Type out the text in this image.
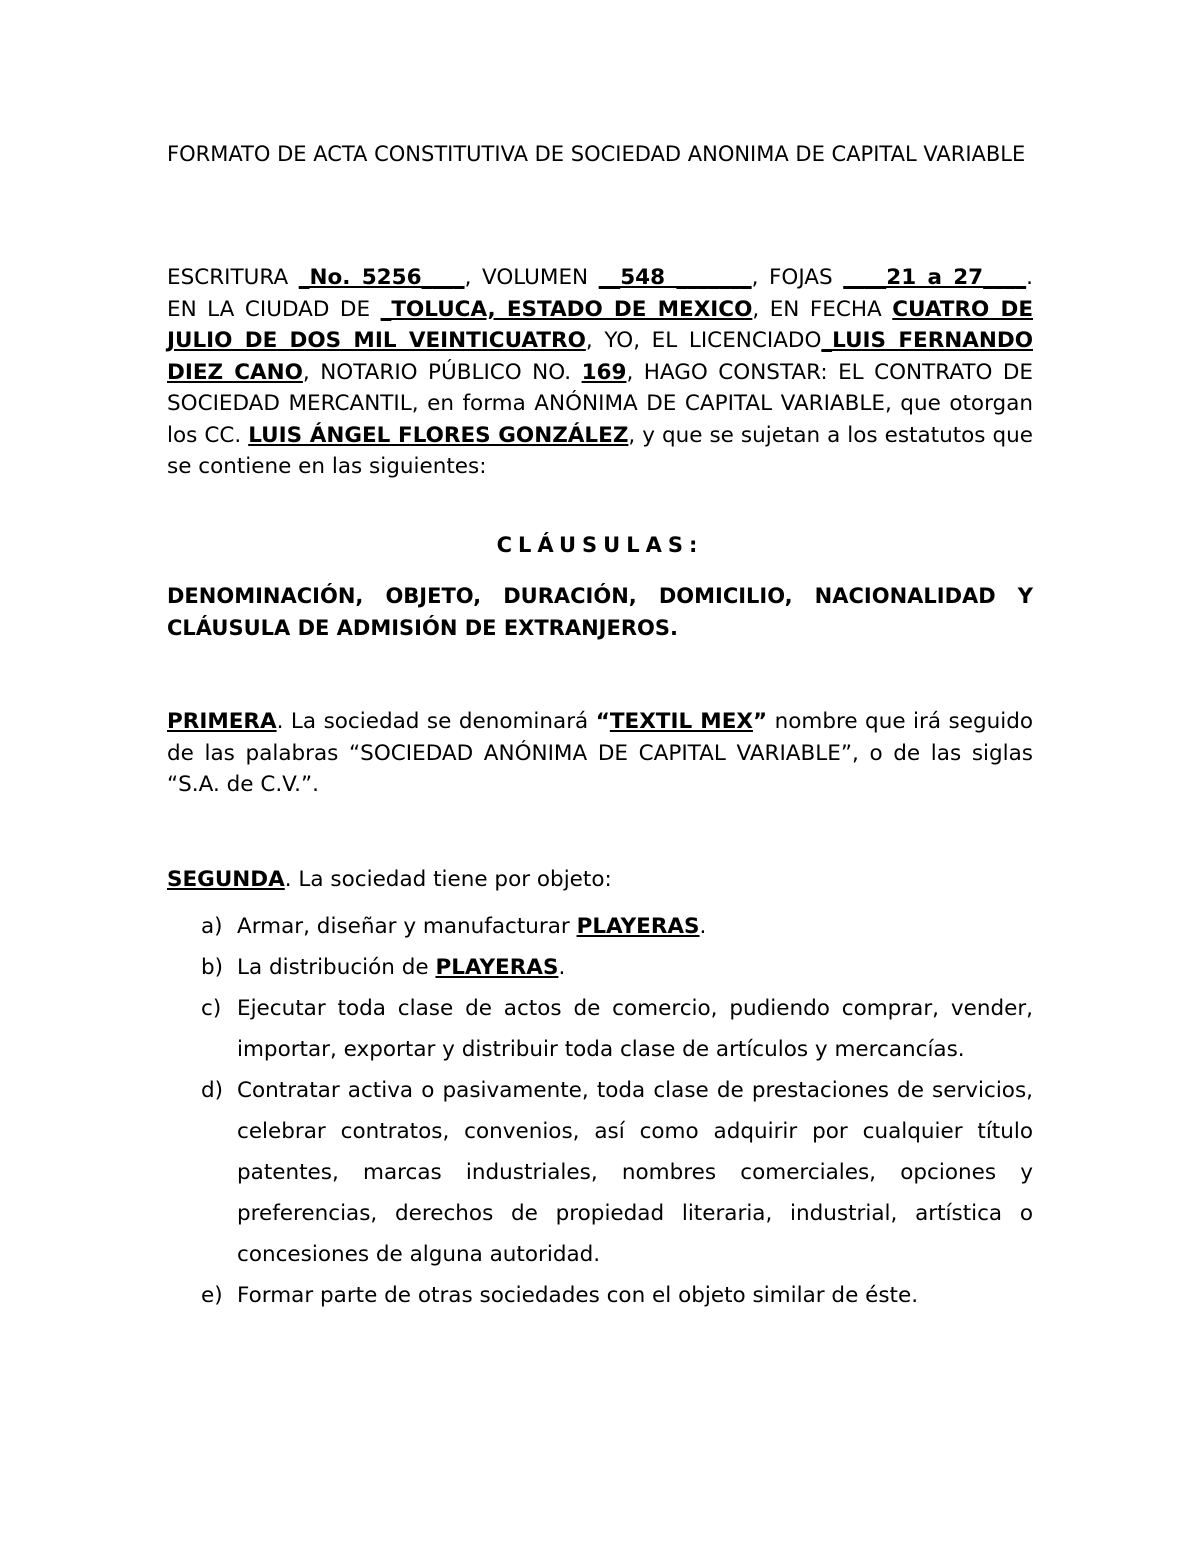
FORMATO DE ACTA CONSTITUTIVA DE SOCIEDAD ANONIMA DE CAPITAL VARIABLE

ESCRITURA _No. 5256____, VOLUMEN __548 _______, FOJAS ____21 a 27____. EN LA CIUDAD DE _TOLUCA, ESTADO DE MEXICO, EN FECHA CUATRO DE JULIO DE DOS MIL VEINTICUATRO, YO, EL LICENCIADO_LUIS FERNANDO DIEZ CANO, NOTARIO PÚBLICO NO. 169, HAGO CONSTAR: EL CONTRATO DE SOCIEDAD MERCANTIL, en forma ANÓNIMA DE CAPITAL VARIABLE, que otorgan los CC. LUIS ÁNGEL FLORES GONZÁLEZ, y que se sujetan a los estatutos que se contiene en las siguientes:

CLÁUSULAS:

DENOMINACIÓN, OBJETO, DURACIÓN, DOMICILIO, NACIONALIDAD Y CLÁUSULA DE ADMISIÓN DE EXTRANJEROS.

PRIMERA. La sociedad se denominará “TEXTIL MEX” nombre que irá seguido de las palabras “SOCIEDAD ANÓNIMA DE CAPITAL VARIABLE”, o de las siglas “S.A. de C.V.”.

SEGUNDA. La sociedad tiene por objeto:

a) Armar, diseñar y manufacturar PLAYERAS.
b) La distribución de PLAYERAS.
c) Ejecutar toda clase de actos de comercio, pudiendo comprar, vender, importar, exportar y distribuir toda clase de artículos y mercancías.
d) Contratar activa o pasivamente, toda clase de prestaciones de servicios, celebrar contratos, convenios, así como adquirir por cualquier título patentes, marcas industriales, nombres comerciales, opciones y preferencias, derechos de propiedad literaria, industrial, artística o concesiones de alguna autoridad.
e) Formar parte de otras sociedades con el objeto similar de éste.
